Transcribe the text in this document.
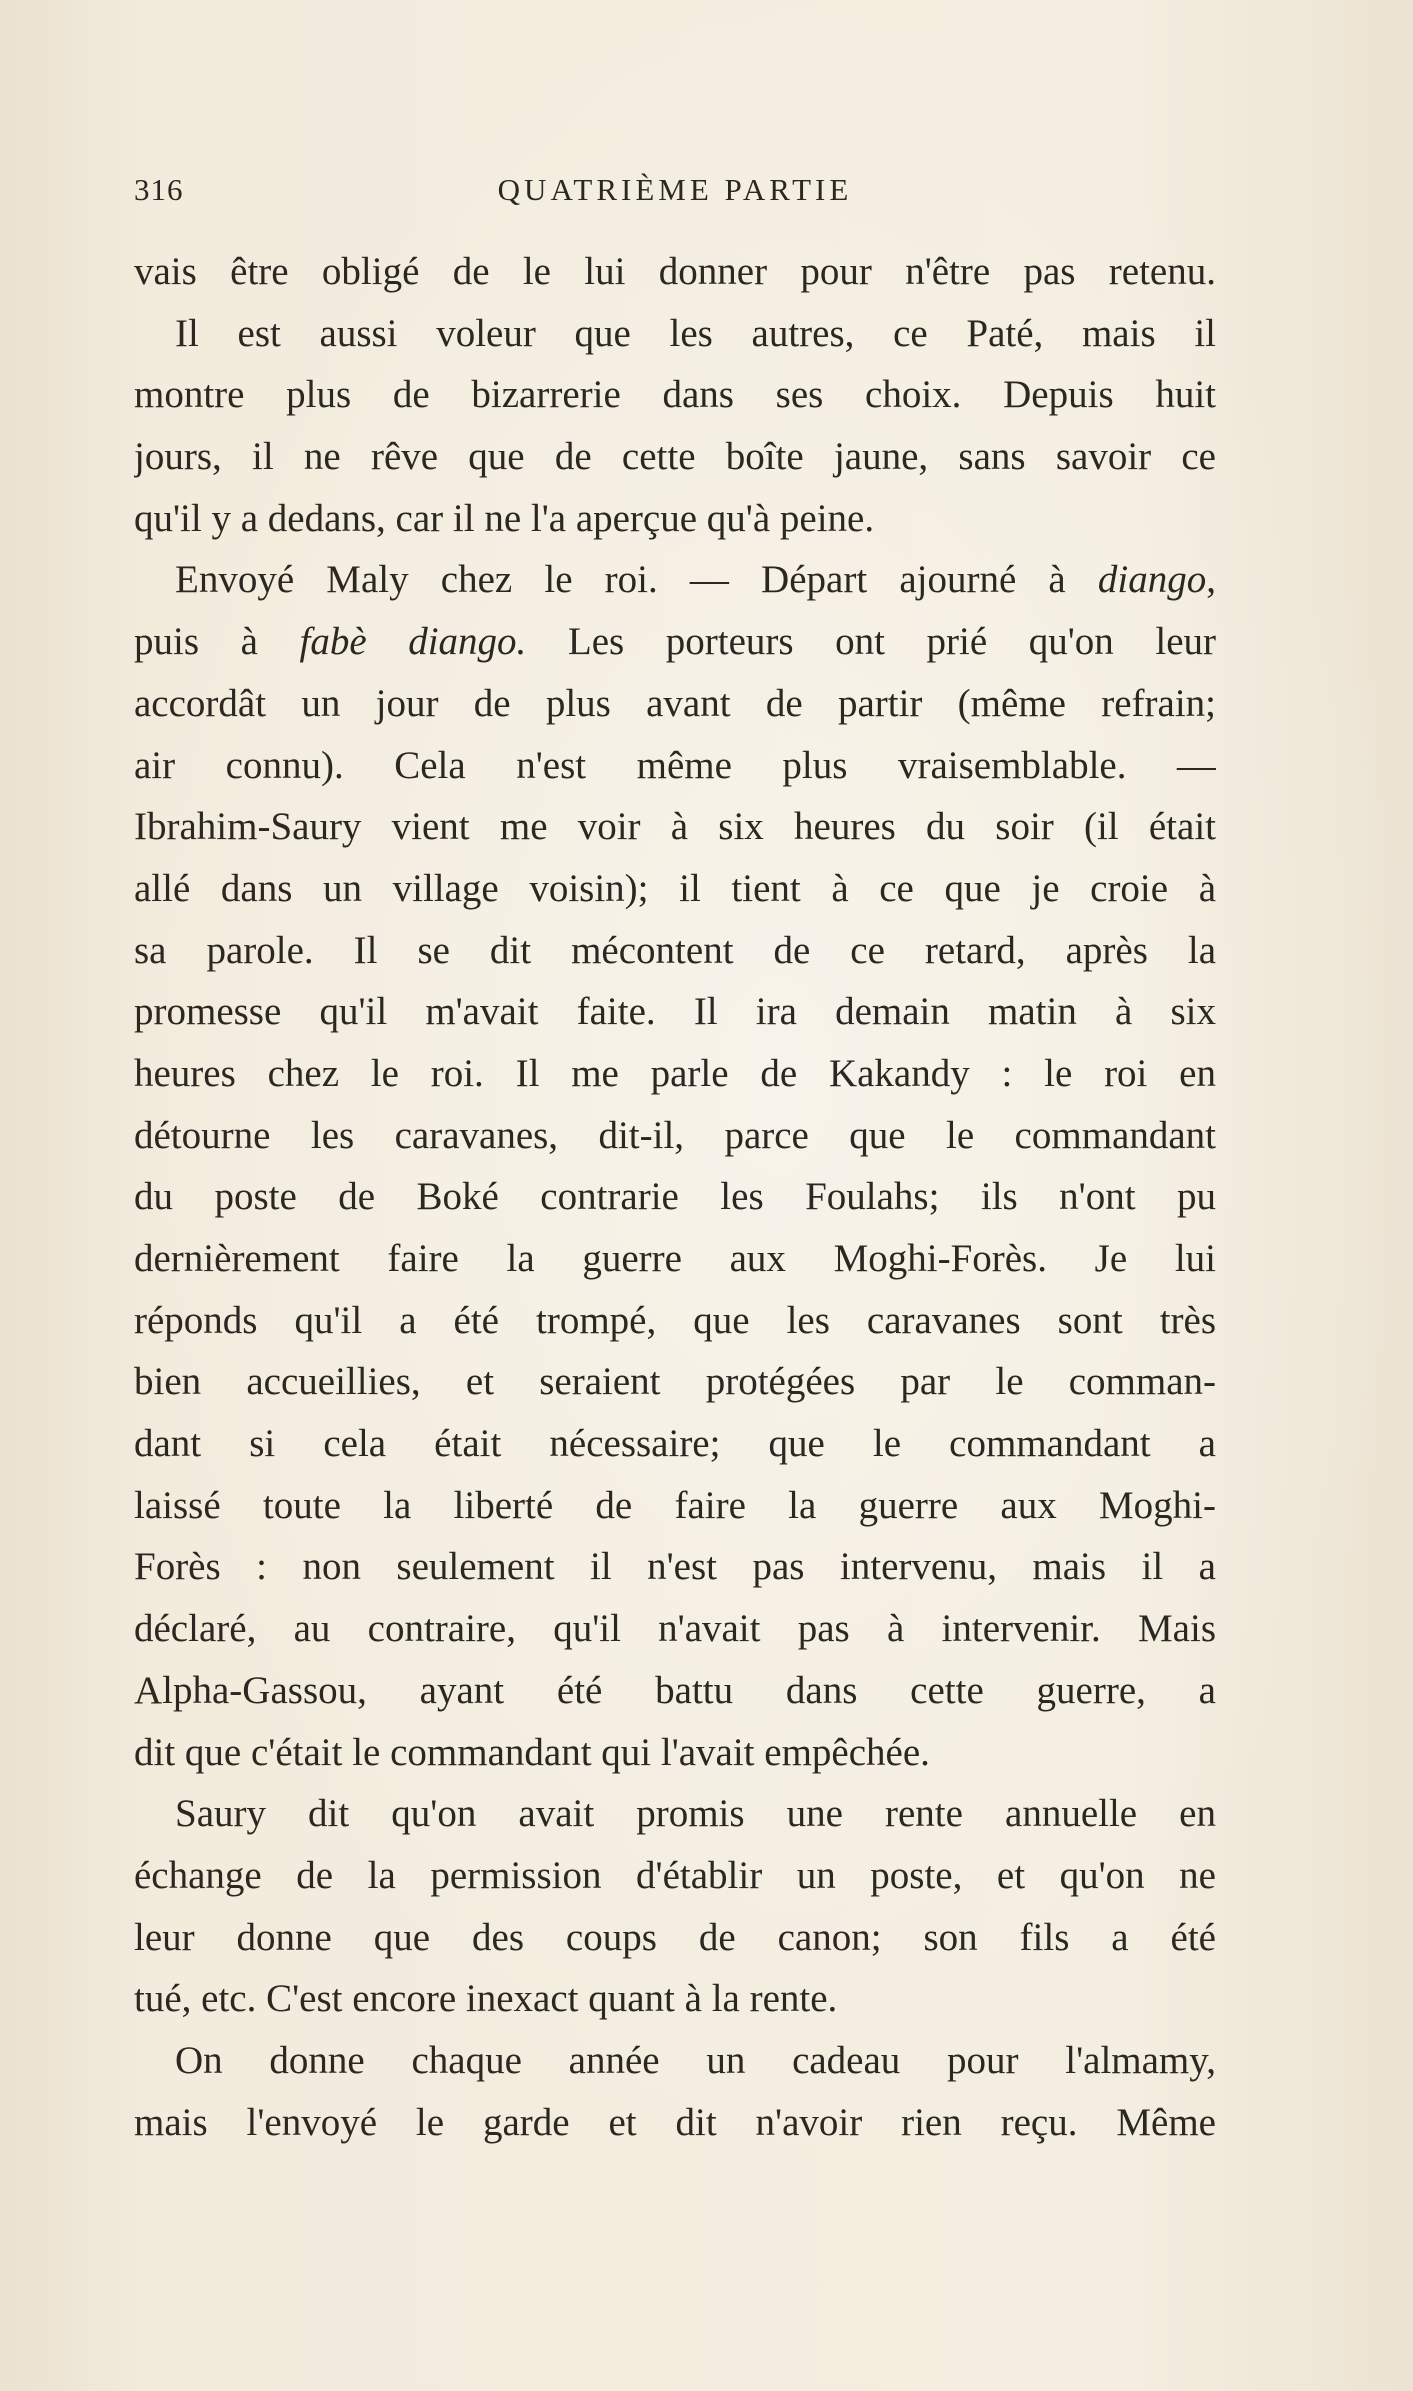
316	QUATRIÈME PARTIE
vais être obligé de le lui donner pour n'être pas retenu.
Il est aussi voleur que les autres, ce Paté, mais il
montre plus de bizarrerie dans ses choix. Depuis huit
jours, il ne rêve que de cette boîte jaune, sans savoir ce
qu'il y a dedans, car il ne l'a aperçue qu'à peine.
Envoyé Maly chez le roi. — Départ ajourné à diango,
puis à fabè diango. Les porteurs ont prié qu'on leur
accordât un jour de plus avant de partir (même refrain;
air connu). Cela n'est même plus vraisemblable. —
Ibrahim-Saury vient me voir à six heures du soir (il était
allé dans un village voisin); il tient à ce que je croie à
sa parole. Il se dit mécontent de ce retard, après la
promesse qu'il m'avait faite. Il ira demain matin à six
heures chez le roi. Il me parle de Kakandy : le roi en
détourne les caravanes, dit-il, parce que le commandant
du poste de Boké contrarie les Foulahs; ils n'ont pu
dernièrement faire la guerre aux Moghi-Forès. Je lui
réponds qu'il a été trompé, que les caravanes sont très
bien accueillies, et seraient protégées par le comman-
dant si cela était nécessaire; que le commandant a
laissé toute la liberté de faire la guerre aux Moghi-
Forès : non seulement il n'est pas intervenu, mais il a
déclaré, au contraire, qu'il n'avait pas à intervenir. Mais
Alpha-Gassou, ayant été battu dans cette guerre, a
dit que c'était le commandant qui l'avait empêchée.
Saury dit qu'on avait promis une rente annuelle en
échange de la permission d'établir un poste, et qu'on ne
leur donne que des coups de canon; son fils a été
tué, etc. C'est encore inexact quant à la rente.
On donne chaque année un cadeau pour l'almamy,
mais l'envoyé le garde et dit n'avoir rien reçu. Même
